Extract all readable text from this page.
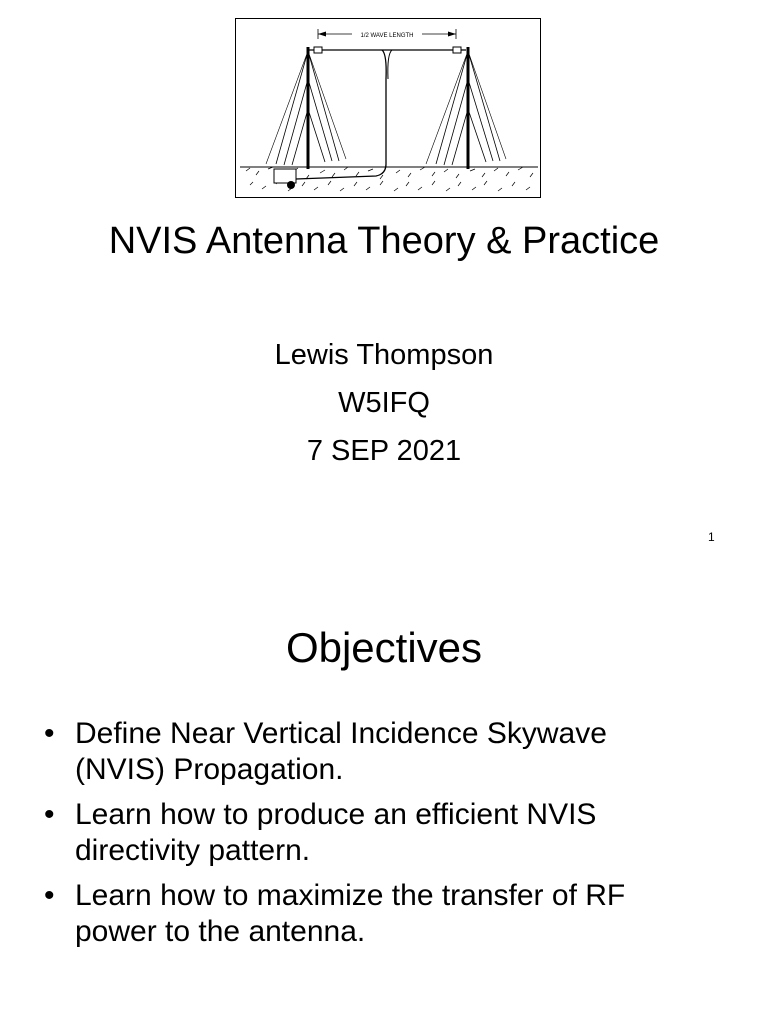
1/2 WAVE LENGTH
NVIS Antenna Theory & Practice
Lewis Thompson
W5IFQ
7 SEP 2021
1
Objectives
• Define Near Vertical Incidence Skywave
(NVIS) Propagation.
• Learn how to produce an efficient NVIS
directivity pattern.
• Learn how to maximize the transfer of RF
power to the antenna.
